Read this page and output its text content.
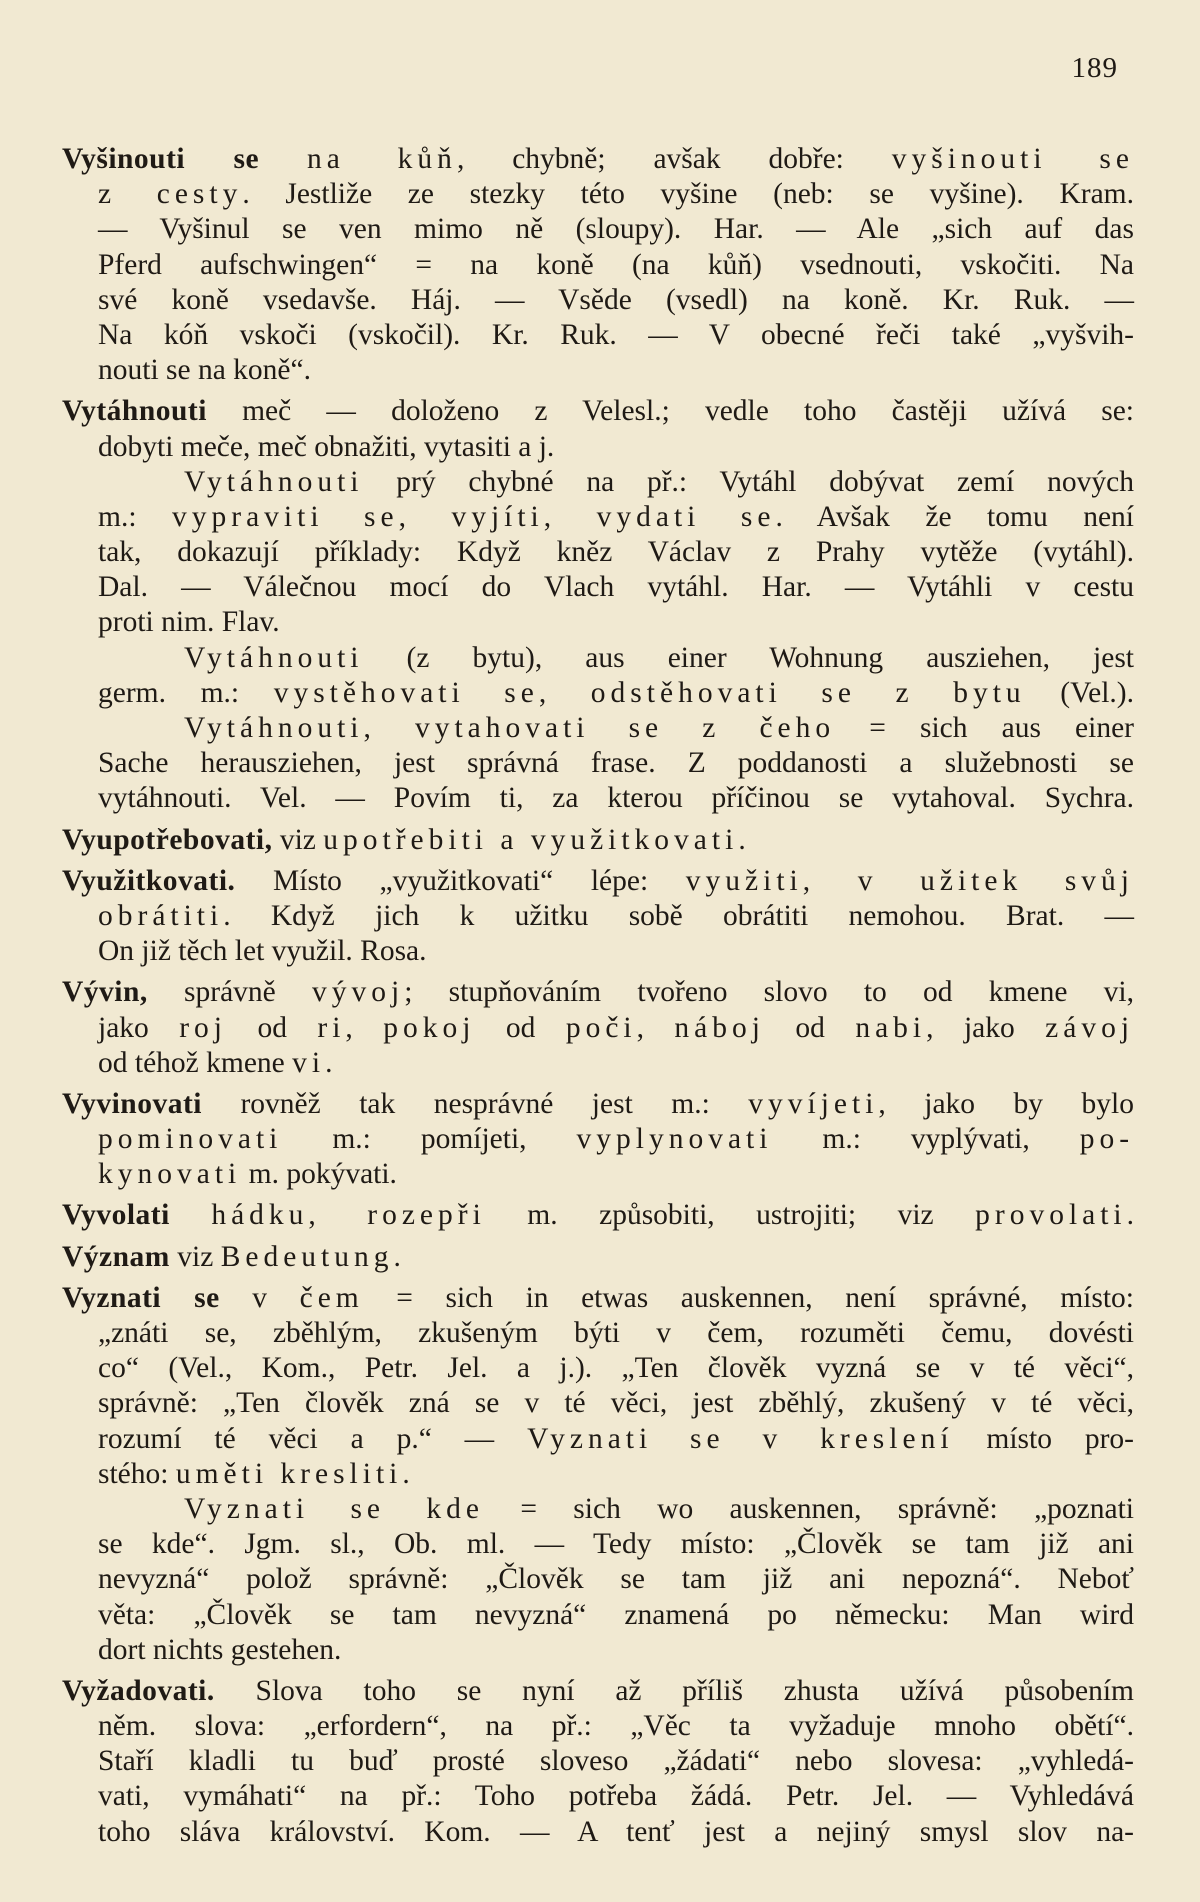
189
Vyšinouti se na kůň, chybně; avšak dobře: vyšinouti se
z cesty. Jestliže ze stezky této vyšine (neb: se vyšine). Kram.
— Vyšinul se ven mimo ně (sloupy). Har. — Ale „sich auf das
Pferd aufschwingen“ = na koně (na kůň) vsednouti, vskočiti. Na
své koně vsedavše. Háj. — Vsěde (vsedl) na koně. Kr. Ruk. —
Na kóň vskoči (vskočil). Kr. Ruk. — V obecné řeči také „vyšvih-
nouti se na koně“.
Vytáhnouti meč — doloženo z Velesl.; vedle toho častěji užívá se:
dobyti meče, meč obnažiti, vytasiti a j.
Vytáhnouti prý chybné na př.: Vytáhl dobývat zemí nových
m.: vypraviti se, vyjíti, vydati se. Avšak že tomu není
tak, dokazují příklady: Když kněz Václav z Prahy vytěže (vytáhl).
Dal. — Válečnou mocí do Vlach vytáhl. Har. — Vytáhli v cestu
proti nim. Flav.
Vytáhnouti (z bytu), aus einer Wohnung ausziehen, jest
germ. m.: vystěhovati se, odstěhovati se z bytu (Vel.).
Vytáhnouti, vytahovati se z čeho = sich aus einer
Sache herausziehen, jest správná frase. Z poddanosti a služebnosti se
vytáhnouti. Vel. — Povím ti, za kterou příčinou se vytahoval. Sychra.
Vyupotřebovati, viz upotřebiti a využitkovati.
Využitkovati. Místo „využitkovati“ lépe: využiti, v užitek svůj
obrátiti. Když jich k užitku sobě obrátiti nemohou. Brat. —
On již těch let využil. Rosa.
Vývin, správně vývoj; stupňováním tvořeno slovo to od kmene vi,
jako roj od ri, pokoj od poči, náboj od nabi, jako závoj
od téhož kmene vi.
Vyvinovati rovněž tak nesprávné jest m.: vyvíjeti, jako by bylo
pominovati m.: pomíjeti, vyplynovati m.: vyplývati, po-
kynovati m. pokývati.
Vyvolati hádku, rozepři m. způsobiti, ustrojiti; viz provolati.
Význam viz Bedeutung.
Vyznati se v čem = sich in etwas auskennen, není správné, místo:
„znáti se, zběhlým, zkušeným býti v čem, rozuměti čemu, dovésti
co“ (Vel., Kom., Petr. Jel. a j.). „Ten člověk vyzná se v té věci“,
správně: „Ten člověk zná se v té věci, jest zběhlý, zkušený v té věci,
rozumí té věci a p.“ — Vyznati se v kreslení místo pro-
stého: uměti kresliti.
Vyznati se kde = sich wo auskennen, správně: „poznati
se kde“. Jgm. sl., Ob. ml. — Tedy místo: „Člověk se tam již ani
nevyzná“ polož správně: „Člověk se tam již ani nepozná“. Neboť
věta: „Člověk se tam nevyzná“ znamená po německu: Man wird
dort nichts gestehen.
Vyžadovati. Slova toho se nyní až příliš zhusta užívá působením
něm. slova: „erfordern“, na př.: „Věc ta vyžaduje mnoho obětí“.
Staří kladli tu buď prosté sloveso „žádati“ nebo slovesa: „vyhledá-
vati, vymáhati“ na př.: Toho potřeba žádá. Petr. Jel. — Vyhledává
toho sláva království. Kom. — A tenť jest a nejiný smysl slov na-
